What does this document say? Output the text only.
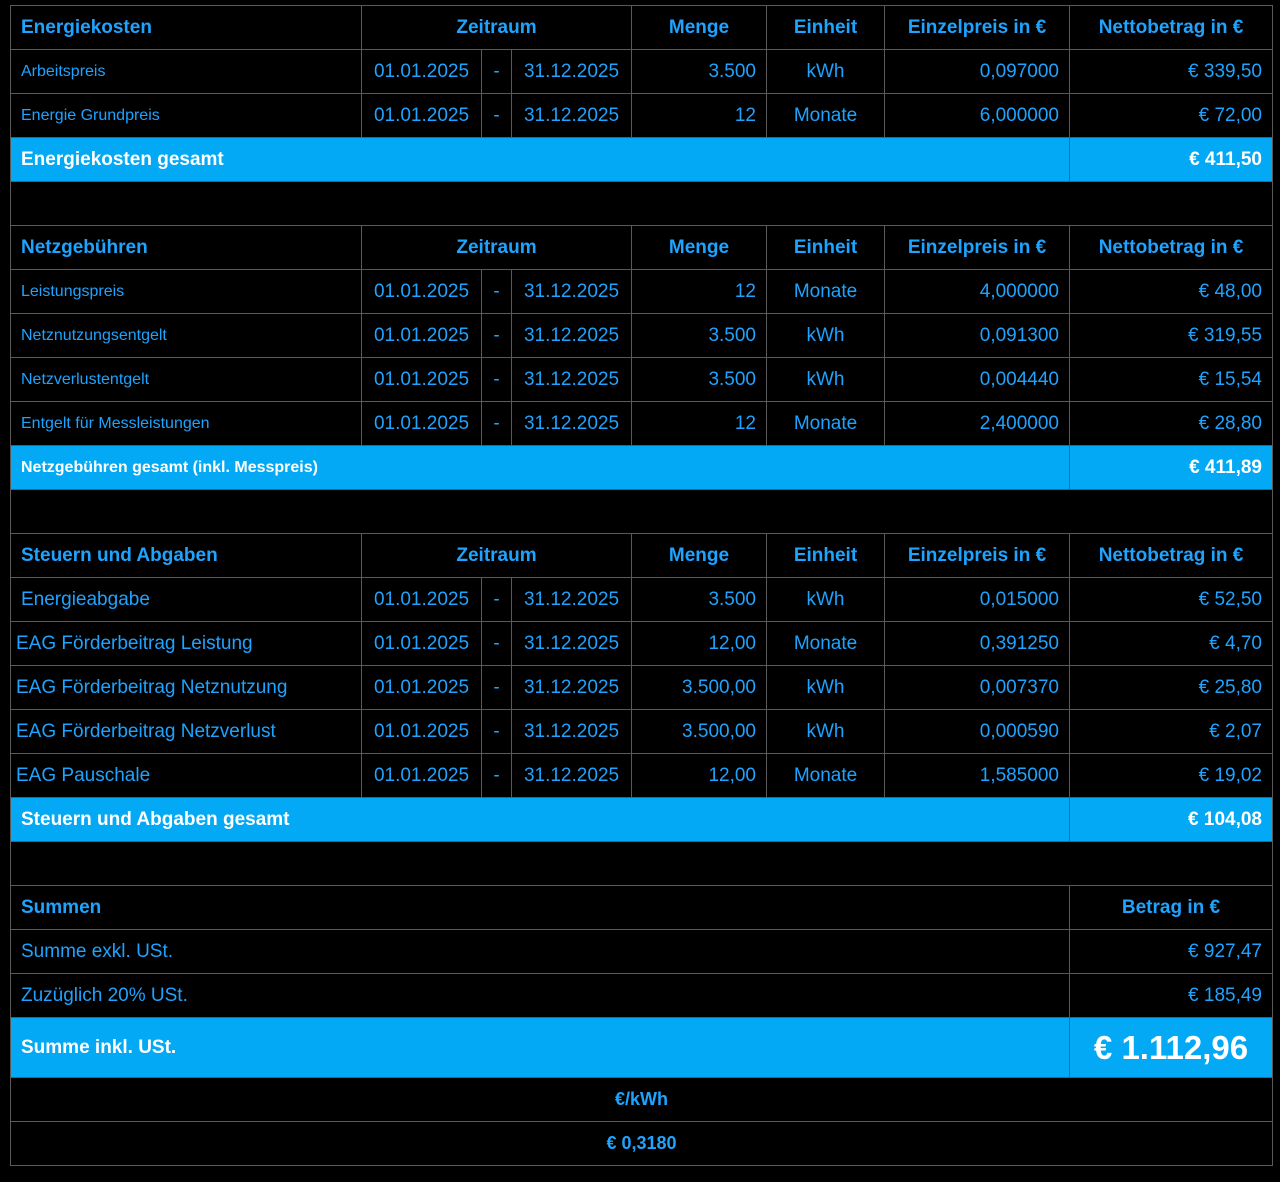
Energiekosten	Zeitraum			Menge	Einheit	Einzelpreis in €	Nettobetrag in €
Arbeitspreis	01.01.2025	-	31.12.2025	3.500	kWh	0,097000	€ 339,50
Energie Grundpreis	01.01.2025	-	31.12.2025	12	Monate	6,000000	€ 72,00
Energiekosten gesamt							€ 411,50

Netzgebühren	Zeitraum			Menge	Einheit	Einzelpreis in €	Nettobetrag in €
Leistungspreis	01.01.2025	-	31.12.2025	12	Monate	4,000000	€ 48,00
Netznutzungsentgelt	01.01.2025	-	31.12.2025	3.500	kWh	0,091300	€ 319,55
Netzverlustentgelt	01.01.2025	-	31.12.2025	3.500	kWh	0,004440	€ 15,54
Entgelt für Messleistungen	01.01.2025	-	31.12.2025	12	Monate	2,400000	€ 28,80
Netzgebühren gesamt (inkl. Messpreis)							€ 411,89

Steuern und Abgaben	Zeitraum			Menge	Einheit	Einzelpreis in €	Nettobetrag in €
Energieabgabe	01.01.2025	-	31.12.2025	3.500	kWh	0,015000	€ 52,50
EAG Förderbeitrag Leistung	01.01.2025	-	31.12.2025	12,00	Monate	0,391250	€ 4,70
EAG Förderbeitrag Netznutzung	01.01.2025	-	31.12.2025	3.500,00	kWh	0,007370	€ 25,80
EAG Förderbeitrag Netzverlust	01.01.2025	-	31.12.2025	3.500,00	kWh	0,000590	€ 2,07
EAG Pauschale	01.01.2025	-	31.12.2025	12,00	Monate	1,585000	€ 19,02
Steuern und Abgaben gesamt							€ 104,08

Summen							Betrag in €
Summe exkl. USt.							€ 927,47
Zuzüglich 20% USt.							€ 185,49
Summe inkl. USt.							€ 1.112,96
€/kWh							
€ 0,3180							
